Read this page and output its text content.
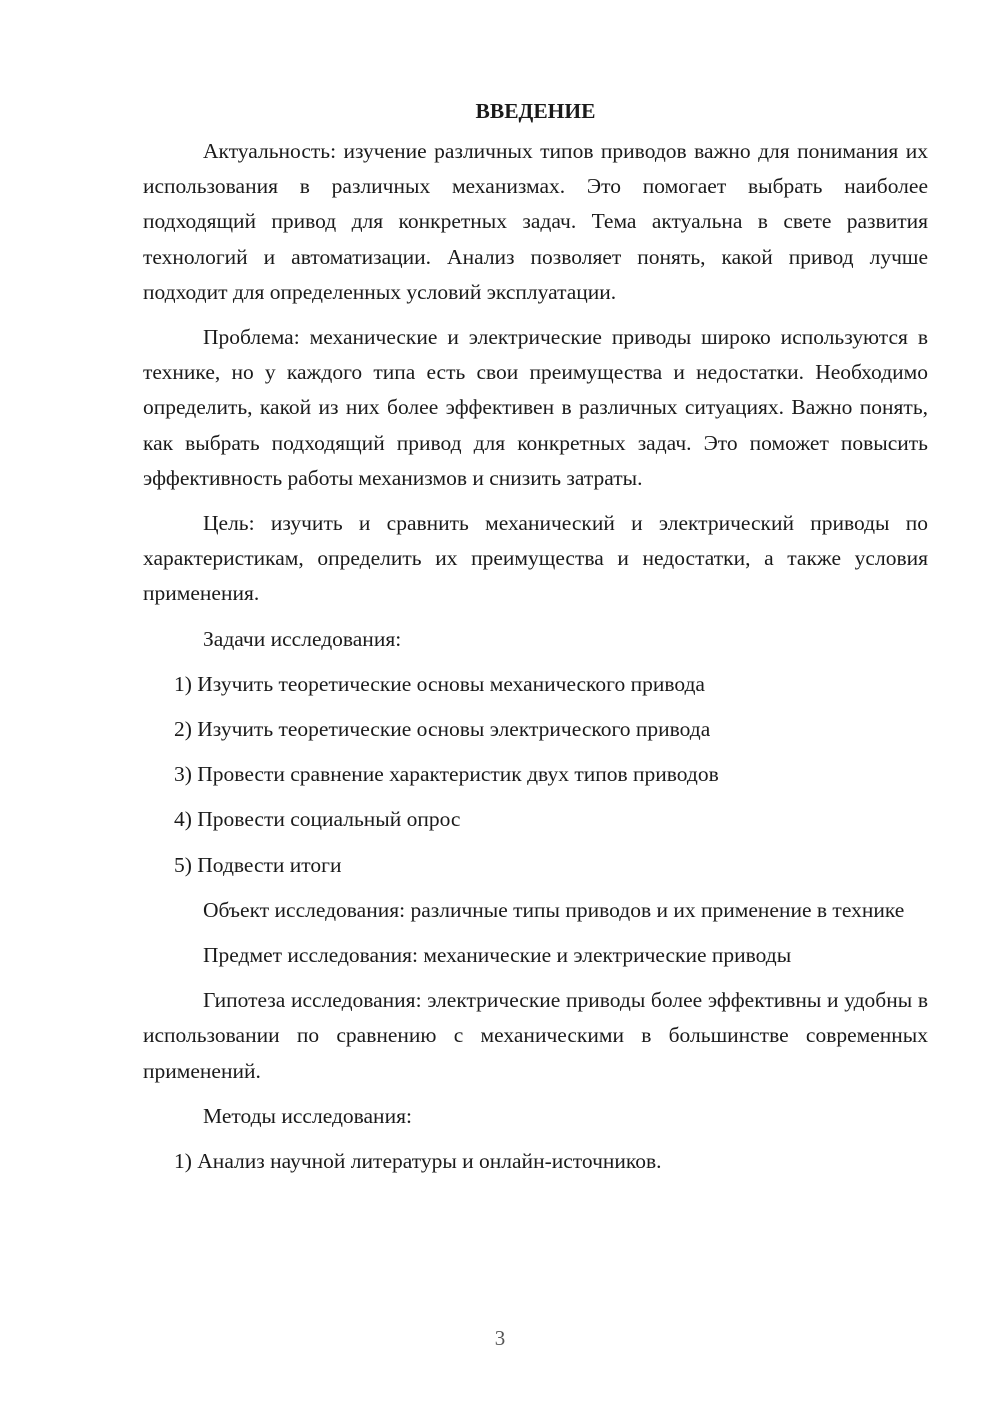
ВВЕДЕНИЕ

Актуальность: изучение различных типов приводов важно для понимания их использования в различных механизмах. Это помогает выбрать наиболее подходящий привод для конкретных задач. Тема актуальна в свете развития технологий и автоматизации. Анализ позволяет понять, какой привод лучше подходит для определенных условий эксплуатации.

Проблема: механические и электрические приводы широко используются в технике, но у каждого типа есть свои преимущества и недостатки. Необходимо определить, какой из них более эффективен в различных ситуациях. Важно понять, как выбрать подходящий привод для конкретных задач. Это поможет повысить эффективность работы механизмов и снизить затраты.

Цель: изучить и сравнить механический и электрический приводы по характеристикам, определить их преимущества и недостатки, а также условия применения.

Задачи исследования:

1) Изучить теоретические основы механического привода
2) Изучить теоретические основы электрического привода
3) Провести сравнение характеристик двух типов приводов
4) Провести социальный опрос
5) Подвести итоги

Объект исследования: различные типы приводов и их применение в технике

Предмет исследования: механические и электрические приводы

Гипотеза исследования: электрические приводы более эффективны и удобны в использовании по сравнению с механическими в большинстве современных применений.

Методы исследования:

1) Анализ научной литературы и онлайн-источников.
3
